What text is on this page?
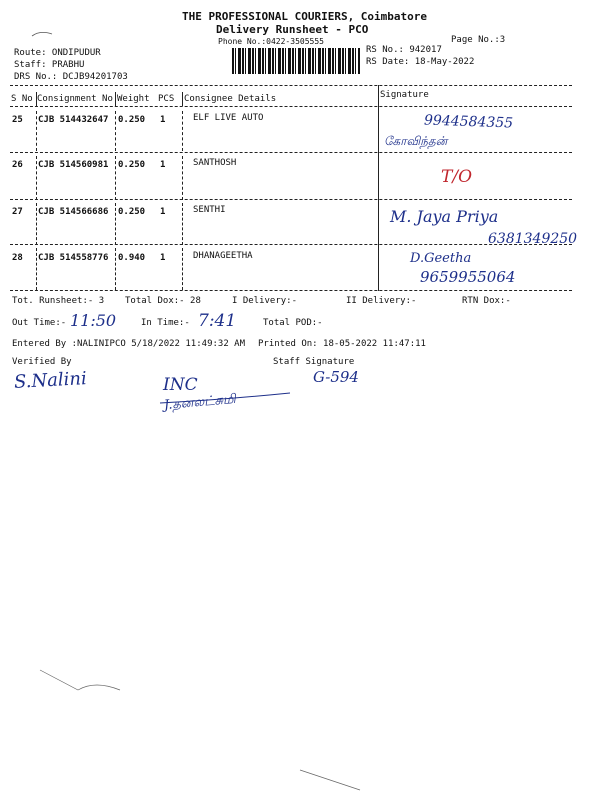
THE PROFESSIONAL COURIERS, Coimbatore
Delivery Runsheet - PCO
Phone No.:0422-3505555	Page No.:3
Route: ONDIPUDUR
Staff: PRABHU
DRS No.: DCJB94201703
RS No.: 942017
RS Date: 18-May-2022
S No Consignment No Weight PCS Consignee Details	Signature
25 CJB 514432647 0.250 1	ELF LIVE AUTO	9944584355
கோவிந்தன்
26 CJB 514560981 0.250 1	SANTHOSH
T/O
27 CJB 514566686 0.250 1	SENTHI	M. Jaya Priya
6381349250
28 CJB 514558776 0.940 1	DHANAGEETHA	D.Geetha
9659955064
Tot. Runsheet:- 3 Total Dox:- 28	I Delivery:-	II Delivery:-	RTN Dox:-
Out Time:- 11:50	In Time:- 7:41	Total POD:-
Entered By :NALINIPCO 5/18/2022 11:49:32 AM Printed On: 18-05-2022 11:47:11
Verified By
S.Nalini
Staff Signature
G-594
INC
J.தனலட்சுமி
